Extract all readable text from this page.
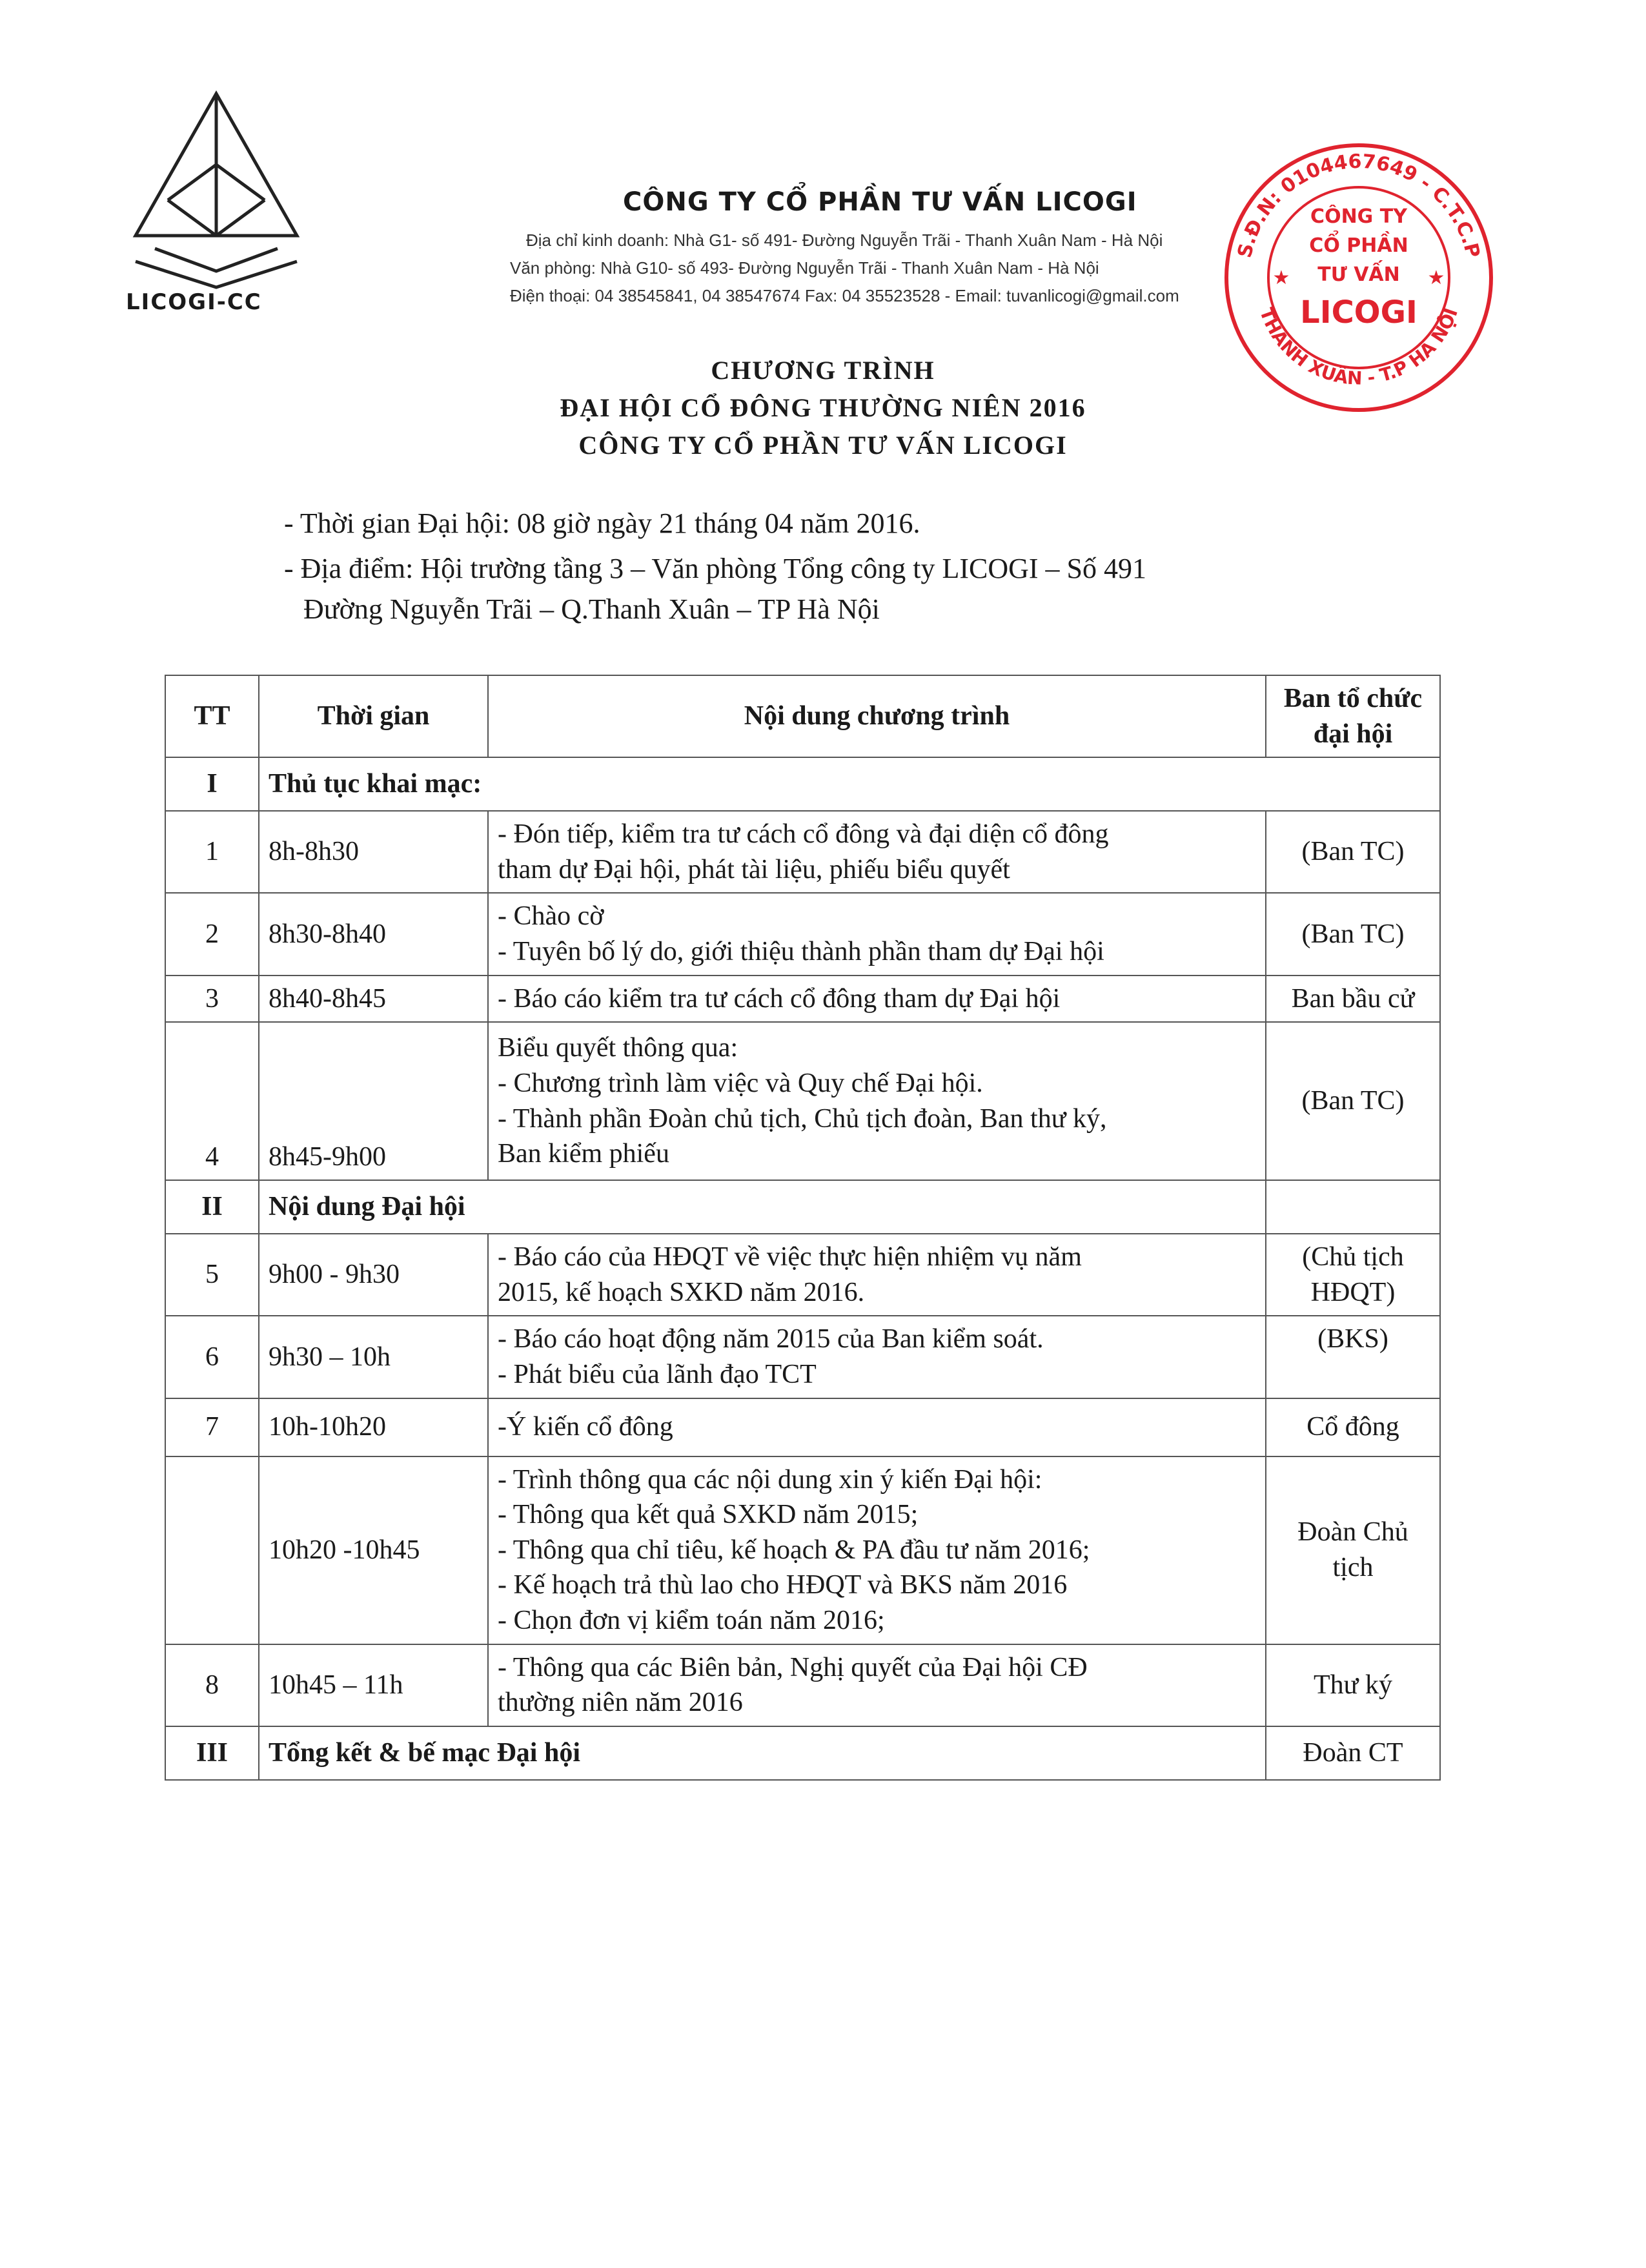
LICOGI-CC
CÔNG TY CỔ PHẦN TƯ VẤN LICOGI
Địa chỉ kinh doanh: Nhà G1- số 491- Đường Nguyễn Trãi - Thanh Xuân Nam - Hà Nội
Văn phòng: Nhà G10- số 493- Đường Nguyễn Trãi - Thanh Xuân Nam - Hà Nội
Điện thoại: 04 38545841, 04 38547674 Fax: 04 35523528 - Email: tuvanlicogi@gmail.com
S.Đ.N: 0104467649 - C.T.C.P
THANH XUÂN - T.P HÀ NỘI
CÔNG TY
CỔ PHẦN
TƯ VẤN
LICOGI
★	★
CHƯƠNG TRÌNH
ĐẠI HỘI CỔ ĐÔNG THƯỜNG NIÊN 2016
CÔNG TY CỔ PHẦN TƯ VẤN LICOGI
- Thời gian Đại hội: 08 giờ ngày 21 tháng 04 năm 2016.
- Địa điểm: Hội trường tầng 3 – Văn phòng Tổng công ty LICOGI – Số 491
Đường Nguyễn Trãi – Q.Thanh Xuân – TP Hà Nội
TT	Thời gian	Nội dung chương trình	Ban tổ chức đại hội
I	Thủ tục khai mạc:		
1	8h-8h30	- Đón tiếp, kiểm tra tư cách cổ đông và đại diện cổ đông
tham dự Đại hội, phát tài liệu, phiếu biểu quyết	(Ban TC)
2	8h30-8h40	- Chào cờ
- Tuyên bố lý do, giới thiệu thành phần tham dự Đại hội	(Ban TC)
3	8h40-8h45	- Báo cáo kiểm tra tư cách cổ đông tham dự Đại hội	Ban bầu cử
4	8h45-9h00	Biểu quyết thông qua:
- Chương trình làm việc và Quy chế Đại hội.
- Thành phần Đoàn chủ tịch, Chủ tịch đoàn, Ban thư ký,
Ban kiểm phiếu	(Ban TC)
II	Nội dung Đại hội		
5	9h00 - 9h30	- Báo cáo của HĐQT về việc thực hiện nhiệm vụ năm
2015, kế hoạch SXKD năm 2016.	(Chủ tịch HĐQT)
6	9h30 – 10h	- Báo cáo hoạt động năm 2015 của Ban kiểm soát.
- Phát biểu của lãnh đạo TCT	(BKS)
7	10h-10h20	-Ý kiến cổ đông	Cổ đông
	10h20 -10h45	- Trình thông qua các nội dung xin ý kiến Đại hội:
- Thông qua kết quả SXKD năm 2015;
- Thông qua chỉ tiêu, kế hoạch & PA đầu tư năm 2016;
- Kế hoạch trả thù lao cho HĐQT và BKS năm 2016
- Chọn đơn vị kiểm toán năm 2016;	Đoàn Chủ tịch
8	10h45 – 11h	- Thông qua các Biên bản, Nghị quyết của Đại hội CĐ
thường niên năm 2016	Thư ký
III	Tổng kết & bế mạc Đại hội		Đoàn CT
